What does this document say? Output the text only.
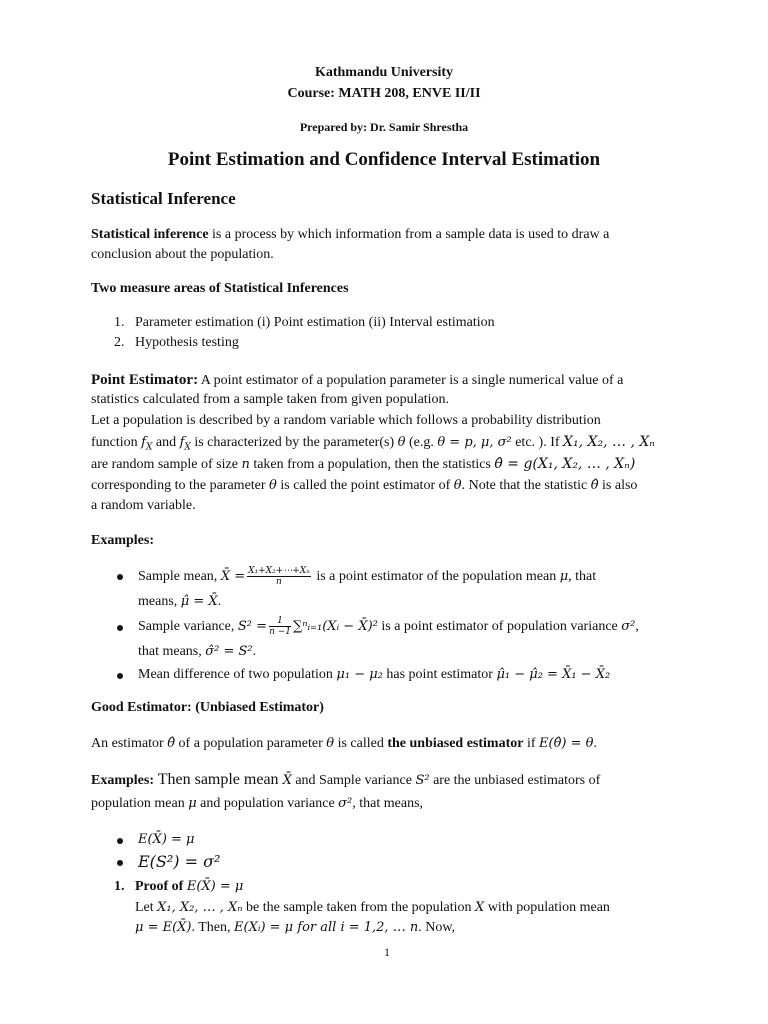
Kathmandu University
Course: MATH 208, ENVE II/II
Prepared by: Dr. Samir Shrestha
Point Estimation and Confidence Interval Estimation
Statistical Inference
Statistical inference is a process by which information from a sample data is used to draw a
conclusion about the population.
Two measure areas of Statistical Inferences
1. Parameter estimation (i) Point estimation (ii) Interval estimation
2. Hypothesis testing
Point Estimator: A point estimator of a population parameter is a single numerical value of a
statistics calculated from a sample taken from given population.
Let a population is described by a random variable which follows a probability distribution
function $f_X$ and $f_X$ is characterized by the parameter(s) θ (e.g. θ = p, μ, σ² etc. ). If X₁, X₂, … , Xₙ
are random sample of size n taken from a population, then the statistics θ̂ = g(X₁, X₂, … , Xₙ)
corresponding to the parameter θ is called the point estimator of θ. Note that the statistic θ̂ is also
a random variable.
Examples:
Sample mean, X̄ = $\frac{\text{X₁+X₂+⋯+Xₙ}}{n}$ is a point estimator of the population mean μ, that
means, μ̂ = X̄.
Sample variance, $S^2 = \frac{1}{n -1}$ ∑ⁿᵢ₌₁(Xᵢ − X̄)² is a point estimator of population variance σ²,
that means, σ̂² = S².
Mean difference of two population μ₁ − μ₂ has point estimator μ̂₁ − μ̂₂ = X̄₁ − X̄₂
Good Estimator: (Unbiased Estimator)
An estimator θ̂ of a population parameter θ is called the unbiased estimator if E(θ̂) = θ.
Examples: Then sample mean X̄ and Sample variance S² are the unbiased estimators of
population mean μ and population variance σ², that means,
E(X̄) = μ
E(S²) = σ²
1. Proof of E(X̄) = μ
Let X₁, X₂, … , Xₙ be the sample taken from the population X with population mean
μ = E(X̄). Then, E(Xᵢ) = μ for all i = 1,2, … n. Now,
1
